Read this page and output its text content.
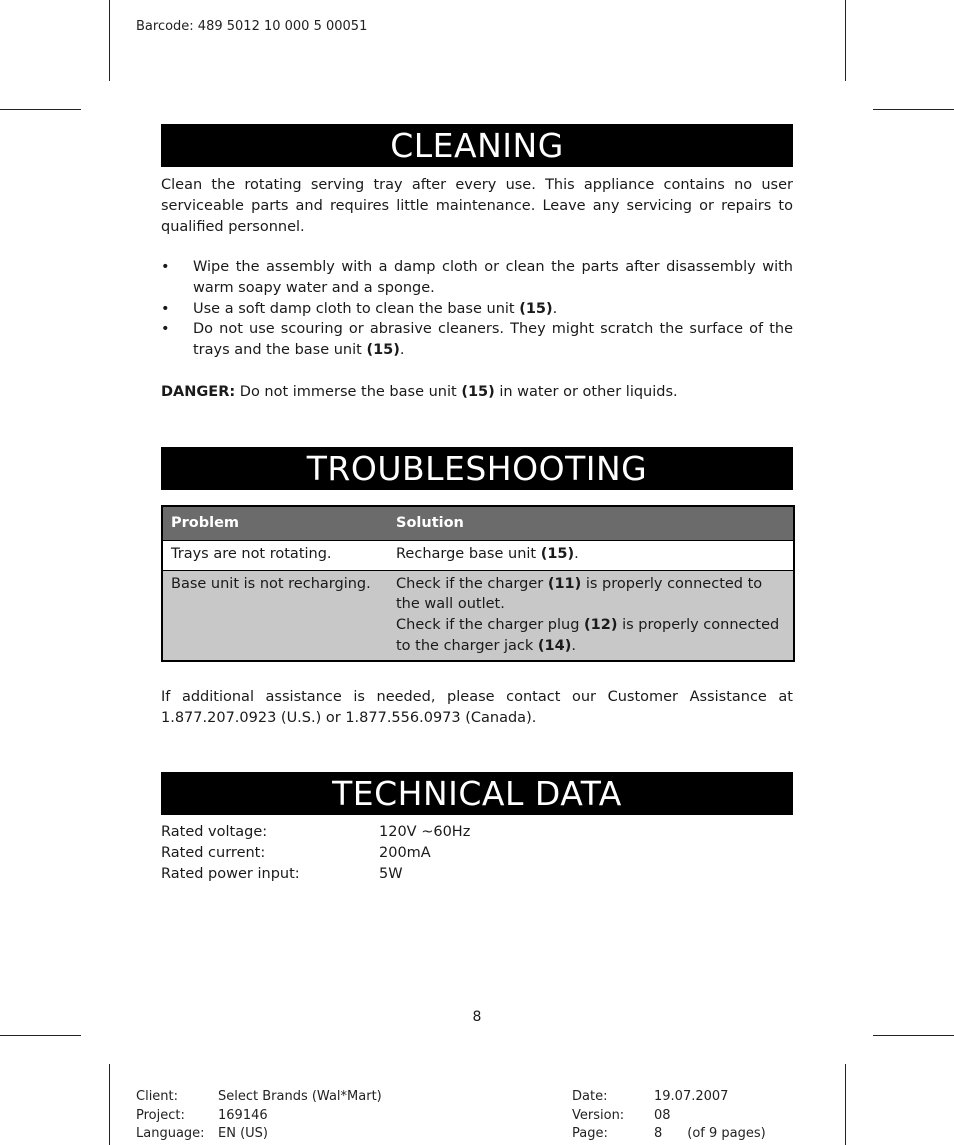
Barcode: 489 5012 10 000 5 00051
CLEANING
Clean the rotating serving tray after every use. This appliance contains no user serviceable parts and requires little maintenance. Leave any servicing or repairs to qualified personnel.
•	Wipe the assembly with a damp cloth or clean the parts after disassembly with warm soapy water and a sponge.
•	Use a soft damp cloth to clean the base unit (15).
•	Do not use scouring or abrasive cleaners. They might scratch the surface of the trays and the base unit (15).
DANGER: Do not immerse the base unit (15) in water or other liquids.
TROUBLESHOOTING
Problem	Solution
Trays are not rotating.	Recharge base unit (15).
Base unit is not recharging.	Check if the charger (11) is properly connected to the wall outlet.
Check if the charger plug (12) is properly connected to the charger jack (14).
If additional assistance is needed, please contact our Customer Assistance at 1.877.207.0923 (U.S.) or 1.877.556.0973 (Canada).
TECHNICAL DATA
Rated voltage:	120V ~60Hz
Rated current:	200mA
Rated power input:	5W
8
Client:	Select Brands (Wal*Mart)
Project:	169146
Language:	EN (US)
Date:	19.07.2007
Version:	08
Page:	8 (of 9 pages)
